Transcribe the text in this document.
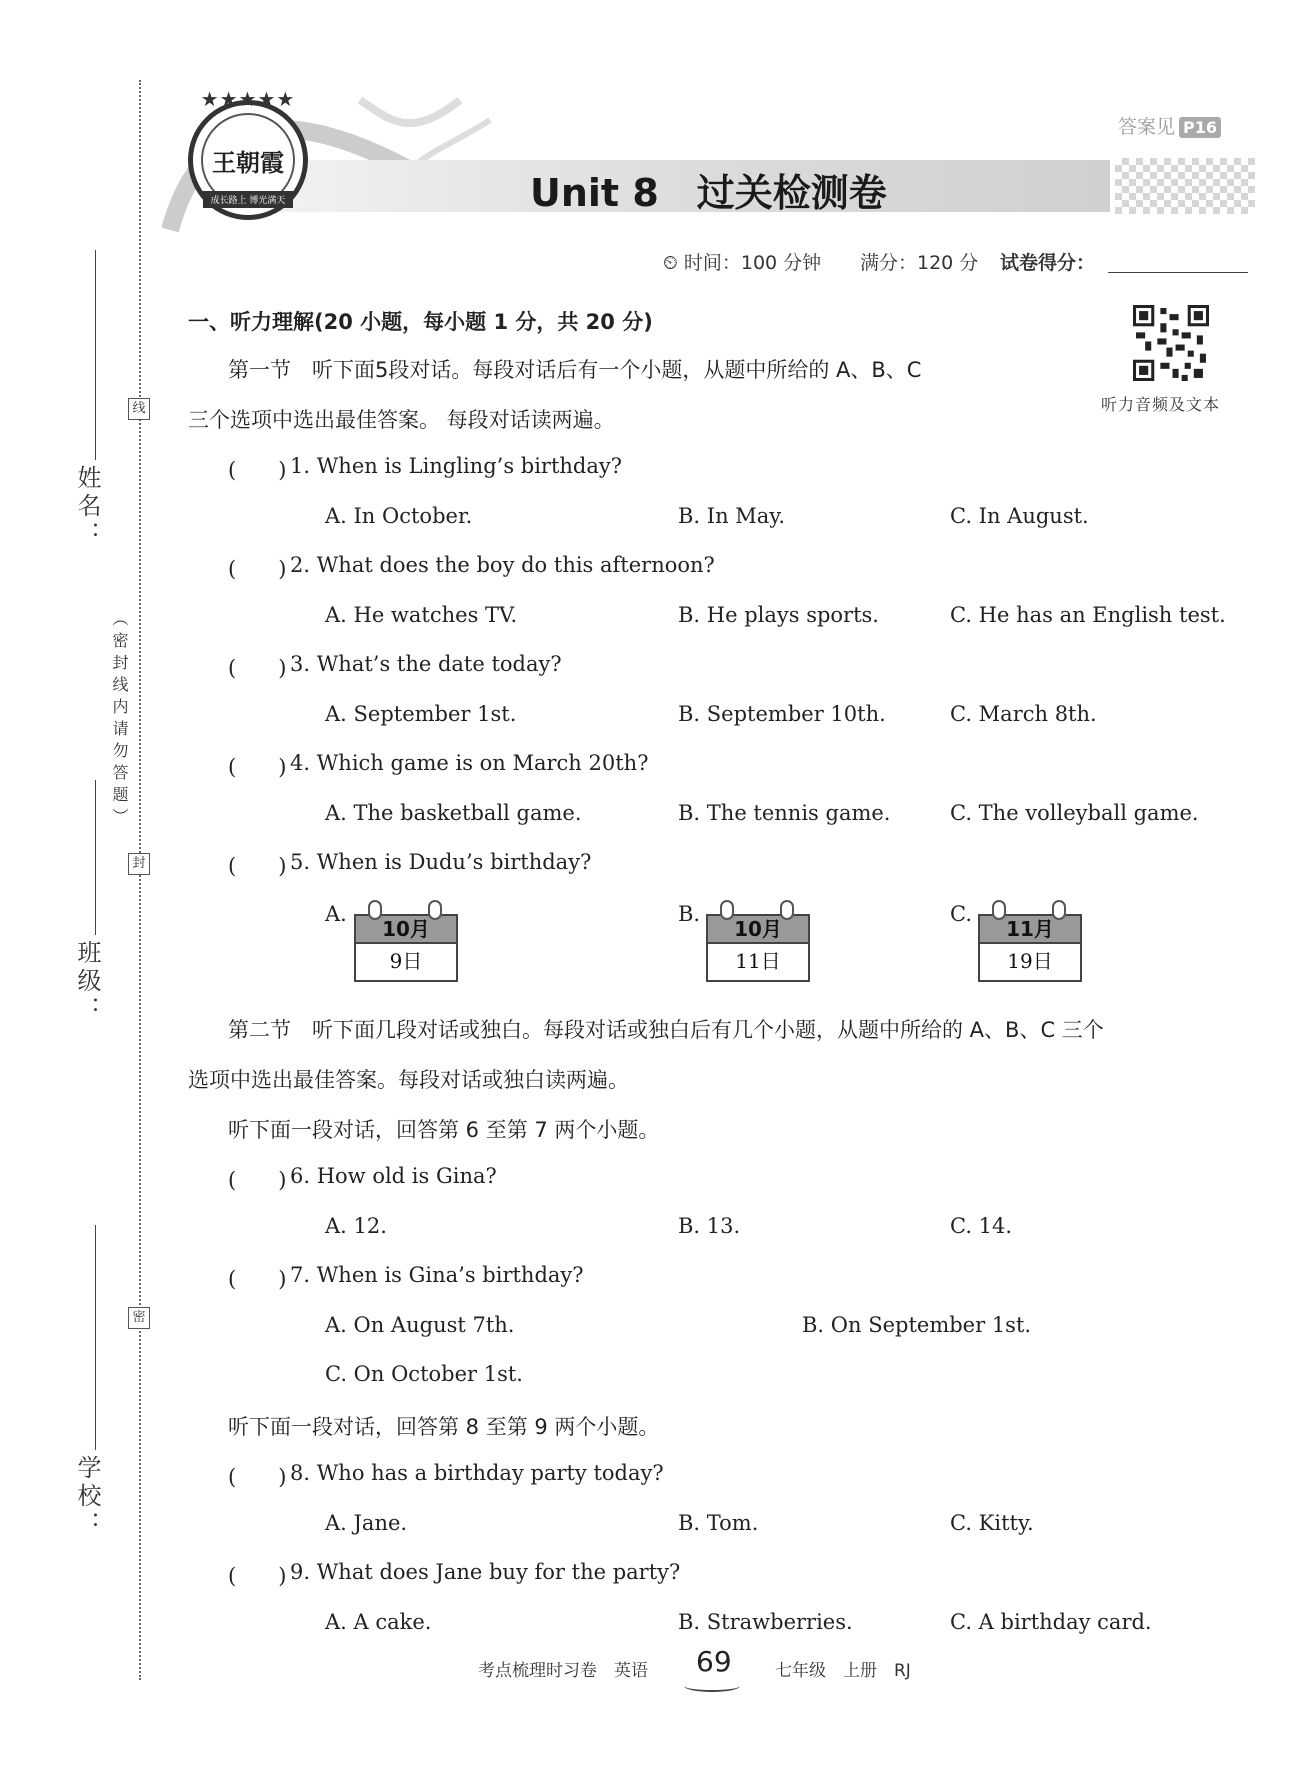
姓名：
班级：
学校：
线
封
密
（密封线内请勿答题）
★★★★★
王朝霞
成长路上 博光满天
答案见 P16
Unit 8 过关检测卷
⏲ 时间：100 分钟 满分：120 分 试卷得分：
听力音频及文本
一、听力理解(20 小题，每小题 1 分，共 20 分)
第一节　听下面5段对话。每段对话后有一个小题，从题中所给的 A、B、C
三个选项中选出最佳答案。 每段对话读两遍。
(　　) 1. When is Lingling’s birthday?
A. In October.	B. In May.	C. In August.
(　　) 2. What does the boy do this afternoon?
A. He watches TV.	B. He plays sports.	C. He has an English test.
(　　) 3. What’s the date today?
A. September 1st.	B. September 10th.	C. March 8th.
(　　) 4. Which game is on March 20th?
A. The basketball game.	B. The tennis game.	C. The volleyball game.
(　　) 5. When is Dudu’s birthday?
A.	B.	C.
10月
9日
10月
11日
11月
19日
第二节　听下面几段对话或独白。每段对话或独白后有几个小题，从题中所给的 A、B、C 三个
选项中选出最佳答案。每段对话或独白读两遍。
听下面一段对话，回答第 6 至第 7 两个小题。
(　　) 6. How old is Gina?
A. 12.	B. 13.	C. 14.
(　　) 7. When is Gina’s birthday?
A. On August 7th.	B. On September 1st.
C. On October 1st.
听下面一段对话，回答第 8 至第 9 两个小题。
(　　) 8. Who has a birthday party today?
A. Jane.	B. Tom.	C. Kitty.
(　　) 9. What does Jane buy for the party?
A. A cake.	B. Strawberries.	C. A birthday card.
考点梳理时习卷　英语 69	七年级　上册　RJ
